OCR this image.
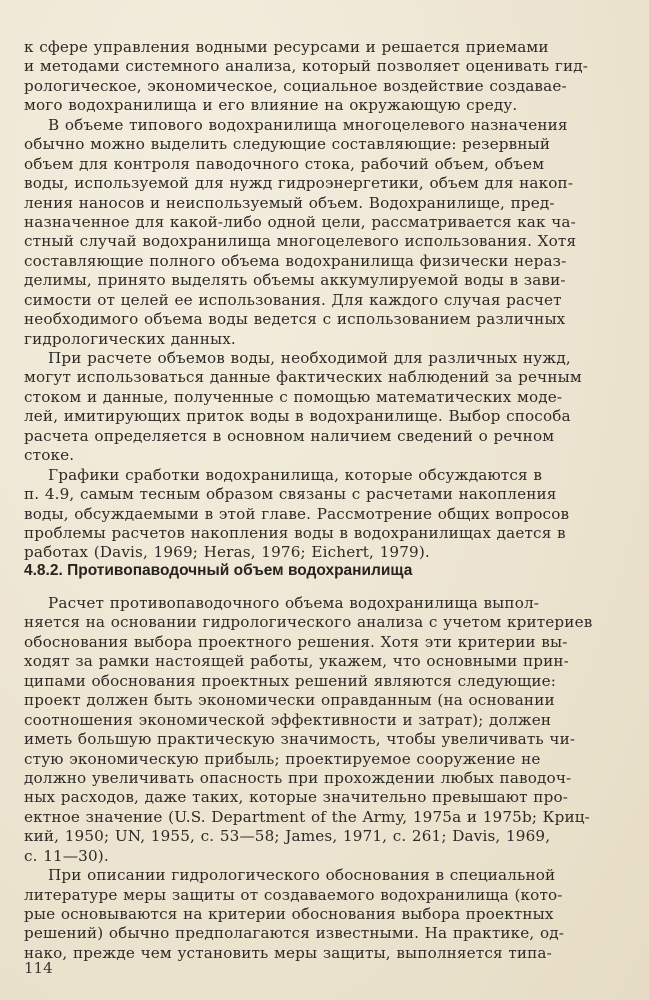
к сфере управления водными ресурсами и решается приемами
и методами системного анализа, который позволяет оценивать гид-
рологическое, экономическое, социальное воздействие создавае-
мого водохранилища и его влияние на окружающую среду.
В объеме типового водохранилища многоцелевого назначения
обычно можно выделить следующие составляющие: резервный
объем для контроля паводочного стока, рабочий объем, объем
воды, используемой для нужд гидроэнергетики, объем для накоп-
ления наносов и неиспользуемый объем. Водохранилище, пред-
назначенное для какой-либо одной цели, рассматривается как ча-
стный случай водохранилища многоцелевого использования. Хотя
составляющие полного объема водохранилища физически нераз-
делимы, принято выделять объемы аккумулируемой воды в зави-
симости от целей ее использования. Для каждого случая расчет
необходимого объема воды ведется с использованием различных
гидрологических данных.
При расчете объемов воды, необходимой для различных нужд,
могут использоваться данные фактических наблюдений за речным
стоком и данные, полученные с помощью математических моде-
лей, имитирующих приток воды в водохранилище. Выбор способа
расчета определяется в основном наличием сведений о речном
стоке.
Графики сработки водохранилища, которые обсуждаются в
п. 4.9, самым тесным образом связаны с расчетами накопления
воды, обсуждаемыми в этой главе. Рассмотрение общих вопросов
проблемы расчетов накопления воды в водохранилищах дается в
работах (Davis, 1969; Heras, 1976; Eichert, 1979).
4.8.2. Противопаводочный объем водохранилища
Расчет противопаводочного объема водохранилища выпол-
няется на основании гидрологического анализа с учетом критериев
обоснования выбора проектного решения. Хотя эти критерии вы-
ходят за рамки настоящей работы, укажем, что основными прин-
ципами обоснования проектных решений являются следующие:
проект должен быть экономически оправданным (на основании
соотношения экономической эффективности и затрат); должен
иметь большую практическую значимость, чтобы увеличивать чи-
стую экономическую прибыль; проектируемое сооружение не
должно увеличивать опасность при прохождении любых паводоч-
ных расходов, даже таких, которые значительно превышают про-
ектное значение (U.S. Department of the Army, 1975a и 1975b; Криц-
кий, 1950; UN, 1955, с. 53—58; James, 1971, с. 261; Davis, 1969,
с. 11—30).
При описании гидрологического обоснования в специальной
литературе меры защиты от создаваемого водохранилища (кото-
рые основываются на критерии обоснования выбора проектных
решений) обычно предполагаются известными. На практике, од-
нако, прежде чем установить меры защиты, выполняется типа-
114
